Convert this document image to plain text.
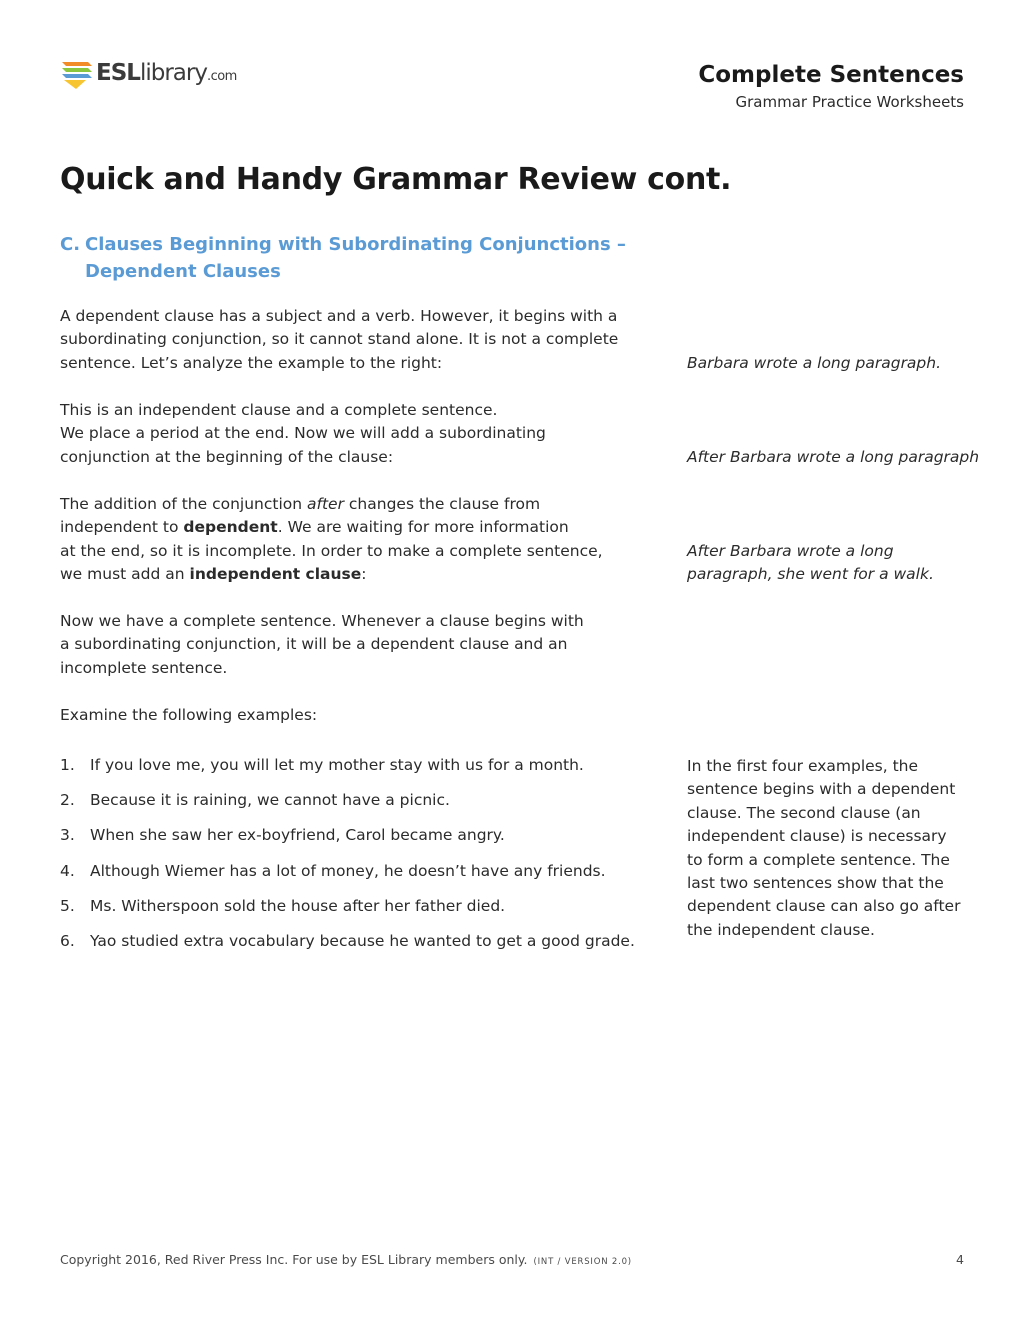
ESLlibrary.com	Complete Sentences
Grammar Practice Worksheets
Quick and Handy Grammar Review cont.
C. Clauses Beginning with Subordinating Conjunctions –
Dependent Clauses
A dependent clause has a subject and a verb. However, it begins with a
subordinating conjunction, so it cannot stand alone. It is not a complete
sentence. Let’s analyze the example to the right:	Barbara wrote a long paragraph.
This is an independent clause and a complete sentence.
We place a period at the end. Now we will add a subordinating
conjunction at the beginning of the clause:	After Barbara wrote a long paragraph
The addition of the conjunction after changes the clause from
independent to dependent. We are waiting for more information
at the end, so it is incomplete. In order to make a complete sentence,
we must add an independent clause:
After Barbara wrote a long
paragraph, she went for a walk.
Now we have a complete sentence. Whenever a clause begins with
a subordinating conjunction, it will be a dependent clause and an
incomplete sentence.
Examine the following examples:
1. If you love me, you will let my mother stay with us for a month.
2. Because it is raining, we cannot have a picnic.
3. When she saw her ex-boyfriend, Carol became angry.
4. Although Wiemer has a lot of money, he doesn’t have any friends.
5. Ms. Witherspoon sold the house after her father died.
6. Yao studied extra vocabulary because he wanted to get a good grade.
In the first four examples, the
sentence begins with a dependent
clause. The second clause (an
independent clause) is necessary
to form a complete sentence. The
last two sentences show that the
dependent clause can also go after
the independent clause.
Copyright 2016, Red River Press Inc. For use by ESL Library members only. (INT / VERSION 2.0)	4
